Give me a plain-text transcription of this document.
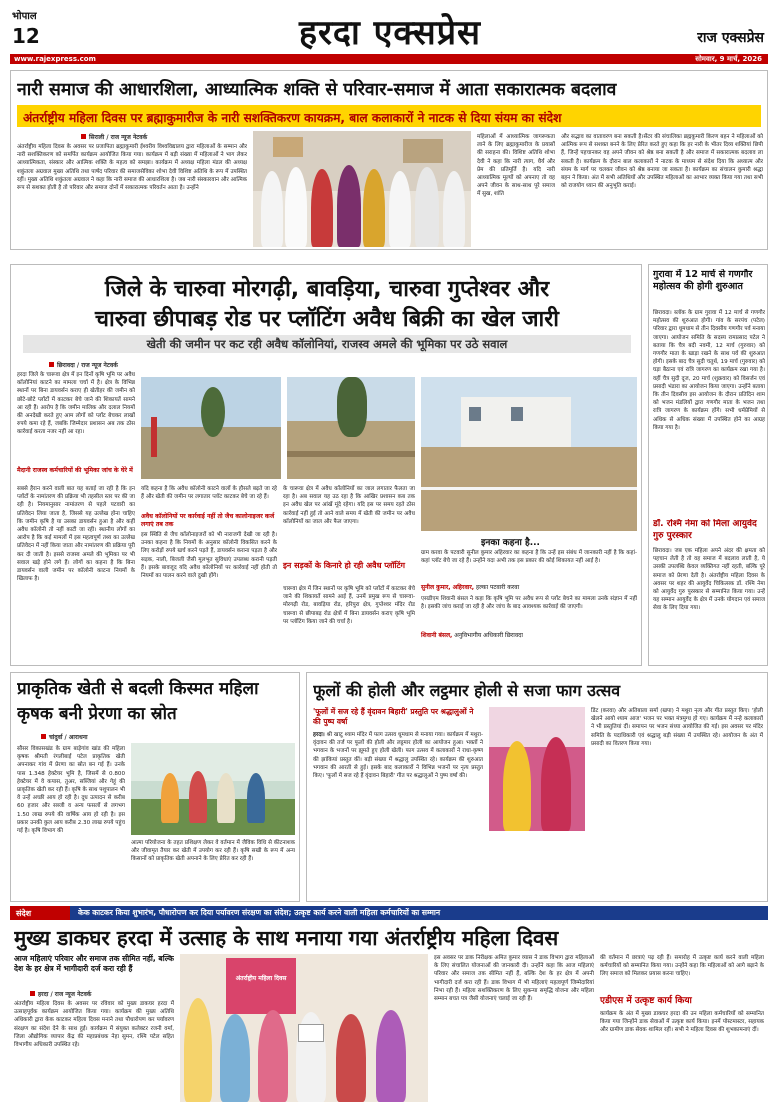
भोपाल
12	हरदा एक्सप्रेस	राज एक्सप्रेस
www.rajexpress.com	सोमवार, 9 मार्च, 2026
नारी समाज की आधारशिला, आध्यात्मिक शक्ति से परिवार-समाज में आता सकारात्मक बदलाव
अंतर्राष्ट्रीय महिला दिवस पर ब्रह्माकुमारीज के नारी सशक्तिकरण कायक्रम, बाल कलाकारों ने नाटक से दिया संयम का संदेश
सिराली / राज न्यूज नेटवर्क
अंतर्राष्ट्रीय महिला दिवस के अवसर पर प्रजापिता ब्रह्माकुमारी ईश्वरीय विश्वविद्यालय द्वारा महिलाओं के सम्मान और नारी सशक्तिकरण को समर्पित कार्यक्रम आयोजित किया गया। कार्यक्रम में बड़ी संख्या में महिलाओं ने भाग लेकर आध्यात्मिकता, संस्कार और आत्मिक शक्ति के महत्व को समझा। कार्यक्रम में अध्यक्ष महिला मंडल की अध्यक्ष शकुंतला अग्रवाल मुख्य अतिथि तथा पार्षद परिवार की समाजसेविका शोभा देवी विशिष्ट अतिथि के रूप में उपस्थित रहीं। मुख्य अतिथि शकुंतला अग्रवाल ने कहा कि नारी समाज की आधारशिला है। जब नारी संस्कारवान और आत्मिक रूप से सशक्त होती है तो परिवार और समाज दोनों में सकारात्मक परिवर्तन आता है। उन्होंने
महिलाओं में आध्यात्मिक जागरूकता लाने के लिए ब्रह्माकुमारीज के प्रयासों की सराहना की। विशिष्ट अतिथि शोभा देवी ने कहा कि नारी त्याग, धैर्य और प्रेम की प्रतिमूर्ति है। यदि नारी आध्यात्मिक मूल्यों को अपनाए तो वह अपने जीवन के साथ-साथ पूरे समाज में सुख, शांति
और सद्भाव का वातावरण बना सकती है।सेंटर की संचालिका ब्रह्मकुमारी किरण बहन ने महिलाओं को आत्मिक रूप से सशक्त बनने के लिए प्रेरित करते हुए कहा कि हर नारी के भीतर दिव्य शक्तियां छिपी हैं, जिन्हें पहचानकर वह अपने जीवन को श्रेष्ठ बना सकती है और समाज में सकारात्मक बदलाव ला सकती है। कार्यक्रम के दौरान बाल कलाकारों ने नाटक के माध्यम से संदेश दिया कि अध्यात्म और संयम के मार्ग पर चलकर जीवन को श्रेष्ठ बनाया जा सकता है। कार्यक्रम का संचालन कुमारी श्रद्धा बहन ने किया। अंत में सभी अतिथियों और उपस्थित महिलाओं का आभार व्यक्त किया गया तथा सभी को राजयोग ध्यान की अनुभूति कराई।
जिले के चारुवा मोरगढ़ी, बावड़िया, चारुवा गुप्तेश्वर और
चारुवा छीपाबड़ रोड पर प्लॉटिंग अवैध बिक्री का खेल जारी
खेती की जमीन पर कट रही अवैध कॉलोनियां, राजस्व अमले की भूमिका पर उठे सवाल
छिरावदा / राज न्यूज नेटवर्क
हरदा जिले के चारूवा क्षेत्र में इन दिनों कृषि भूमि पर अवैध कॉलोनियां काटने का मामला चर्चा में है। क्षेत्र के विभिन्न स्थानों पर बिना डायवर्सन कराए ही खेतीहर की जमीन को छोटे-छोटे प्लॉटों में काटकर बेचे जाने की शिकायतें सामने आ रही हैं। आरोप है कि जमीन मालिक और दलाल नियमों की अनदेखी करते हुए आम लोगों को प्लॉट बेचकर लाखों रुपये कमा रहे हैं, जबकि जिम्मेदार प्रशासन अब तक ठोस कार्रवाई करता नजर नहीं आ रहा।
मैदानी राजस्व कर्मचारियों की भूमिका जांच के घेरे में
सबसे हैरान करने वाली बात यह बताई जा रही है कि इन प्लॉटों के नामांतरण की प्रक्रिया भी तहसील स्तर पर की जा रही है। नियमानुसार नामांतरण से पहले पटवारी का प्रतिवेदन लिया जाता है, जिससे यह उल्लेख होना चाहिए कि जमीन कृषि है या उसका डायवर्सन हुआ है और कहीं अवैध कॉलोनी तो नहीं काटी जा रही। स्थानीय लोगों का आरोप है कि कई मामलों में इस महत्वपूर्ण तथ्य का उल्लेख प्रतिवेदन में नहीं किया जाता और नामांतरण की प्रक्रिया पूरी कर दी जाती है। इससे राजस्व अमले की भूमिका पर भी सवाल खड़े होने लगे हैं। लोगों का कहना है कि बिना डायवर्सन वाली जमीन पर कॉलोनी काटना नियमों के खिलाफ है।
इनका कहना है...
यदि कहना है कि अवैध कॉलोनी काटने वालों के हौसले बढ़ते जा रहे हैं और खेती की जमीन पर लगातार प्लॉट काटकर बेचे जा रहे हैं।
अवैध कॉलोनियों पर कार्रवाई नहीं तो जैच कालोनाइजर कर्ज लगाएं तब तक
इस स्थिति से जैच कॉलोनाइजरों को भी नाराजगी देखी जा रही है। उनका कहना है कि नियमों के अनुसार कॉलोनी विकसित करने के लिए करोड़ों रुपये खर्च करने पड़ते हैं, डायवर्सन कराना पड़ता है और सड़क, नाली, बिजली जैसी मूलभूत सुविधाएं उपलब्ध करानी पड़ती हैं। इसके बावजूद यदि अवैध कॉलोनियों पर कार्रवाई नहीं होती तो नियमों का पालन करने वाले दुखी होंगे।
के चारूवा क्षेत्र में अवैध कॉलोनियों का जाल लगातार फैलता जा रहा है। अब सवाल यह उठ रहा है कि आखिर प्रशासन कब तक इन अवैध खेल पर आंखें मूंदे रहेगा। यदि इस पर समय रहते ठोस कार्रवाई नहीं हुई तो आने वाले समय में खेती की जमीन पर अवैध कॉलोनियों का जाल और फैल जाएगा।
इन सड़कों के किनारे हो रही अवैध प्लॉटिंग
चारूवा क्षेत्र में जिन स्थानों पर कृषि भूमि को प्लॉटों में काटकर बेचे जाने की शिकायतें सामने आई हैं, उनमें प्रमुख रूप से चारूवा-मोरगढ़ी रोड, बावड़िया रोड, हरिपुरा क्षेत्र, गुप्तेश्वर मंदिर रोड चारूवा से छीपाबड़ रोड क्षेत्रों में बिना डायवर्सन कराए कृषि भूमि पर प्लॉटिंग किया जाने की चर्चा है।
ग्राम करवा के पटवारी सुनील कुमार अहिरवार का कहना है कि उन्हें इस संबंध में जानकारी नहीं है कि कहां-कहां प्लॉट बेचे जा रहे हैं। उन्होंने यदा अभी तक इस प्रकार की कोई शिकायत नहीं आई है।
सुनील कुमार, अहिरवार, हल्का पटवारी करवा
एसडीएम शिवानी बंसल ने कहा कि कृषि भूमि पर अवैध रूप से प्लॉट बेचने का मामला उनके संज्ञान में नहीं है। इसकी जांच कराई जा रही है और जांच के बाद आवश्यक कार्रवाई की जाएगी।
शिवानी बंसल, अनुविभागीय अधिकारी छिरावदा
गुरावा में 12 मार्च से गणगौर महोत्सव की होगी शुरुआत
छिरावदा। ब्लॉक के ग्राम गुरावा में 12 मार्च से गणगौर महोत्सव की शुरुआत होगी। गांव के सरपंच (पटेल) परिवार द्वारा धूमधाम से तीन दिवसीय गणगौर पर्व मनाया जाएगा। आयोजन समिति के सदस्य रामप्रसाद पटेल ने बताया कि चैत्र बदी नवमी, 12 मार्च (गुरुवार) को गणगौर माता के खाड़ा रखने के साथ पर्व की शुरुआत होगी। इसके बाद चैत्र सुदी चतुर्थ, 19 मार्च (गुरुवार) को घड़ा बैठाना एवं रात्रि जागरण का कार्यक्रम रखा गया है। वहीं चैत्र सुदी दूज, 20 मार्च (शुक्रवार) को विसर्जन एवं प्रसादी भंडारा का आयोजन किया जाएगा। उन्होंने बताया कि तीन दिवसीय इस आयोजन के दौरान प्रतिदिन शाम को भजन मंडलियों द्वारा गणगौर माता के भजन तथा रात्रि जागरण के कार्यक्रम होंगे। सभी धर्मप्रेमियों से अधिक से अधिक संख्या में उपस्थित होने का आग्रह किया गया है।
डॉ. रश्मि नेमा को मिला आयुर्वेद गुरु पुरस्कार
छिरावदा। जब एक महिला अपने अंदर की क्षमता को पहचान लेती है तो वह समाज में बदलाव लाती है, ये उसकी उपलब्धि केवल व्यक्तिगत नहीं रहती, बल्कि पूरे समाज को प्रेरणा देती है। अंतर्राष्ट्रीय महिला दिवस के अवसर पर शहर की आयुर्वेद चिकित्सक डॉ. रश्मि नेमा को आयुर्वेद गुरु पुरस्कार से सम्मानित किया गया। उन्हें यह सम्मान आयुर्वेद के क्षेत्र में उनके योगदान एवं समाज सेवा के लिए दिया गया।
प्राकृतिक खेती से बदली किस्मत महिला कृषक बनी प्रेरणा का स्रोत
चांदुर्वा / आराधना
सौसर विकासखंड के ग्राम बाड़ेगांव खांड की महिला कृषक श्रीमती रंगलीबाई पटेल प्राकृतिक खेती अपनाकर गांव में प्रेरणा का स्रोत बन गई हैं। उनके पास 1.348 हेक्टेयर भूमि है, जिसमें से 0.800 हेक्टेयर में वे कपास, तुअर, सब्जियां और गेहूं की प्राकृतिक खेती कर रही हैं। कृषि के साथ पशुपालन भी वे उन्हें अच्छी आय हो रही है। दूध उत्पादन से करीब 60 हजार और सब्जी व अन्य फसलों से लगभग 1.50 लाख रुपये की वार्षिक आय हो रही है। इस प्रकार उनकी कुल आय करीब 2.30 लाख रुपये पहुंच गई है। कृषि विभाग की
आत्मा परियोजना के तहत प्रशिक्षण लेकर वे वर्तमान में जैविक विधि से कीटनाशक और जीवामृत तैयार कर खेती में उपयोग कर रही हैं। कृषि सखी के रूप में अन्य किसानों को प्राकृतिक खेती अपनाने के लिए प्रेरित कर रही हैं।
फूलों की होली और लट्ठमार होली से सजा फाग उत्सव
'फूलों में सज रहे हैं वृंदावन बिहारी' प्रस्तुति पर श्रद्धालुओं ने की पुष्प वर्षा
हरदा। श्री खाटू श्याम मंदिर में फाग उत्सव धूमधाम से मनाया गया। कार्यक्रम में मथुरा-वृंदावन की तर्ज पर फूलों की होली और लट्ठमार होली का आयोजन हुआ। भक्तों ने भगवान के भजनों पर झूमते हुए होली खेली। फाग उत्सव में कलाकारों ने राधा-कृष्ण की झांकियां प्रस्तुत कीं। बड़ी संख्या में श्रद्धालु उपस्थित रहे। कार्यक्रम की शुरुआत भगवान की आरती से हुई। इसके बाद कलाकारों ने विभिन्न भजनों पर नृत्य प्रस्तुत किए। 'फूलों में सज रहे हैं वृंदावन बिहारी' गीत पर श्रद्धालुओं ने पुष्प वर्षा की।
डिंट (करवा) और अतिबाला सर्मा (खपा) ने मथुरा नृत्य और गीत प्रस्तुत किए। 'होली खेलने आयो श्याम आज' भजन पर भक्त मंत्रमुग्ध हो गए। कार्यक्रम में नन्हे कलाकारों ने भी प्रस्तुतियां दीं। समापन पर भजन संध्या आयोजित की गई। इस अवसर पर मंदिर समिति के पदाधिकारी एवं श्रद्धालु बड़ी संख्या में उपस्थित रहे। आयोजन के अंत में प्रसादी का वितरण किया गया।
संदेश	केक काटकर किया शुभारंभ, पौधारोपण कर दिया पर्यावरण संरक्षण का संदेश; उत्कृष्ट कार्य करने वाली महिला कर्मचारियों का सम्मान
मुख्य डाकघर हरदा में उत्साह के साथ मनाया गया अंतर्राष्ट्रीय महिला दिवस
आज महिलाएं परिवार और समाज तक सीमित नहीं, बल्कि देश के हर क्षेत्र में भागीदारी दर्ज करा रही हैं
हरदा / राज न्यूज नेटवर्क
अंतर्राष्ट्रीय महिला दिवस के अवसर पर रविवार को मुख्य डाकघर हरदा में उत्साहपूर्वक कार्यक्रम आयोजित किया गया। कार्यक्रम की मुख्य अतिथि अधिकारी द्वारा केक काटकर महिला दिवस मनाने तथा पौधारोपण कर पर्यावरण संरक्षण का संदेश देने के साथ हुई। कार्यक्रम में संयुक्त कलेक्टर रजनी वर्मा, जिला औद्योगिक व्यापार केंद्र की महाप्रबंधक नेहा सुमन, रश्मि पटेल सहित विभागीय अधिकारी उपस्थित रहे।
अंतर्राष्ट्रीय महिला दिवस
इस अवसर पर डाक निरीक्षक अमित कुमार व्यास ने डाक विभाग द्वारा महिलाओं के लिए संचालित योजनाओं की जानकारी दी। उन्होंने कहा कि आज महिलाएं परिवार और समाज तक सीमित नहीं हैं, बल्कि देश के हर क्षेत्र में अपनी भागीदारी दर्ज करा रही हैं। डाक विभाग में भी महिलाएं महत्वपूर्ण जिम्मेदारियां निभा रही हैं। महिला सशक्तिकरण के लिए सुकन्या समृद्धि योजना और महिला सम्मान बचत पत्र जैसी योजनाएं चलाई जा रही हैं।
की वर्तमान में छात्राएं पढ़ रही हैं। समारोह में उत्कृष्ट कार्य करने वाली महिला कर्मचारियों को सम्मानित किया गया। उन्होंने कहा कि महिलाओं को आगे बढ़ाने के लिए समाज को मिलकर प्रयास करना चाहिए।
एडीएस में उत्कृष्ट कार्य किया
कार्यक्रम के अंत में मुख्य डाकघर हरदा की उन महिला कर्मचारियों को सम्मानित किया गया जिन्होंने डाक सेवाओं में उत्कृष्ट कार्य किया। इनमें पोस्टमास्टर, सहायक और ग्रामीण डाक सेवक शामिल रहीं। सभी ने महिला दिवस की शुभकामनाएं दीं।
